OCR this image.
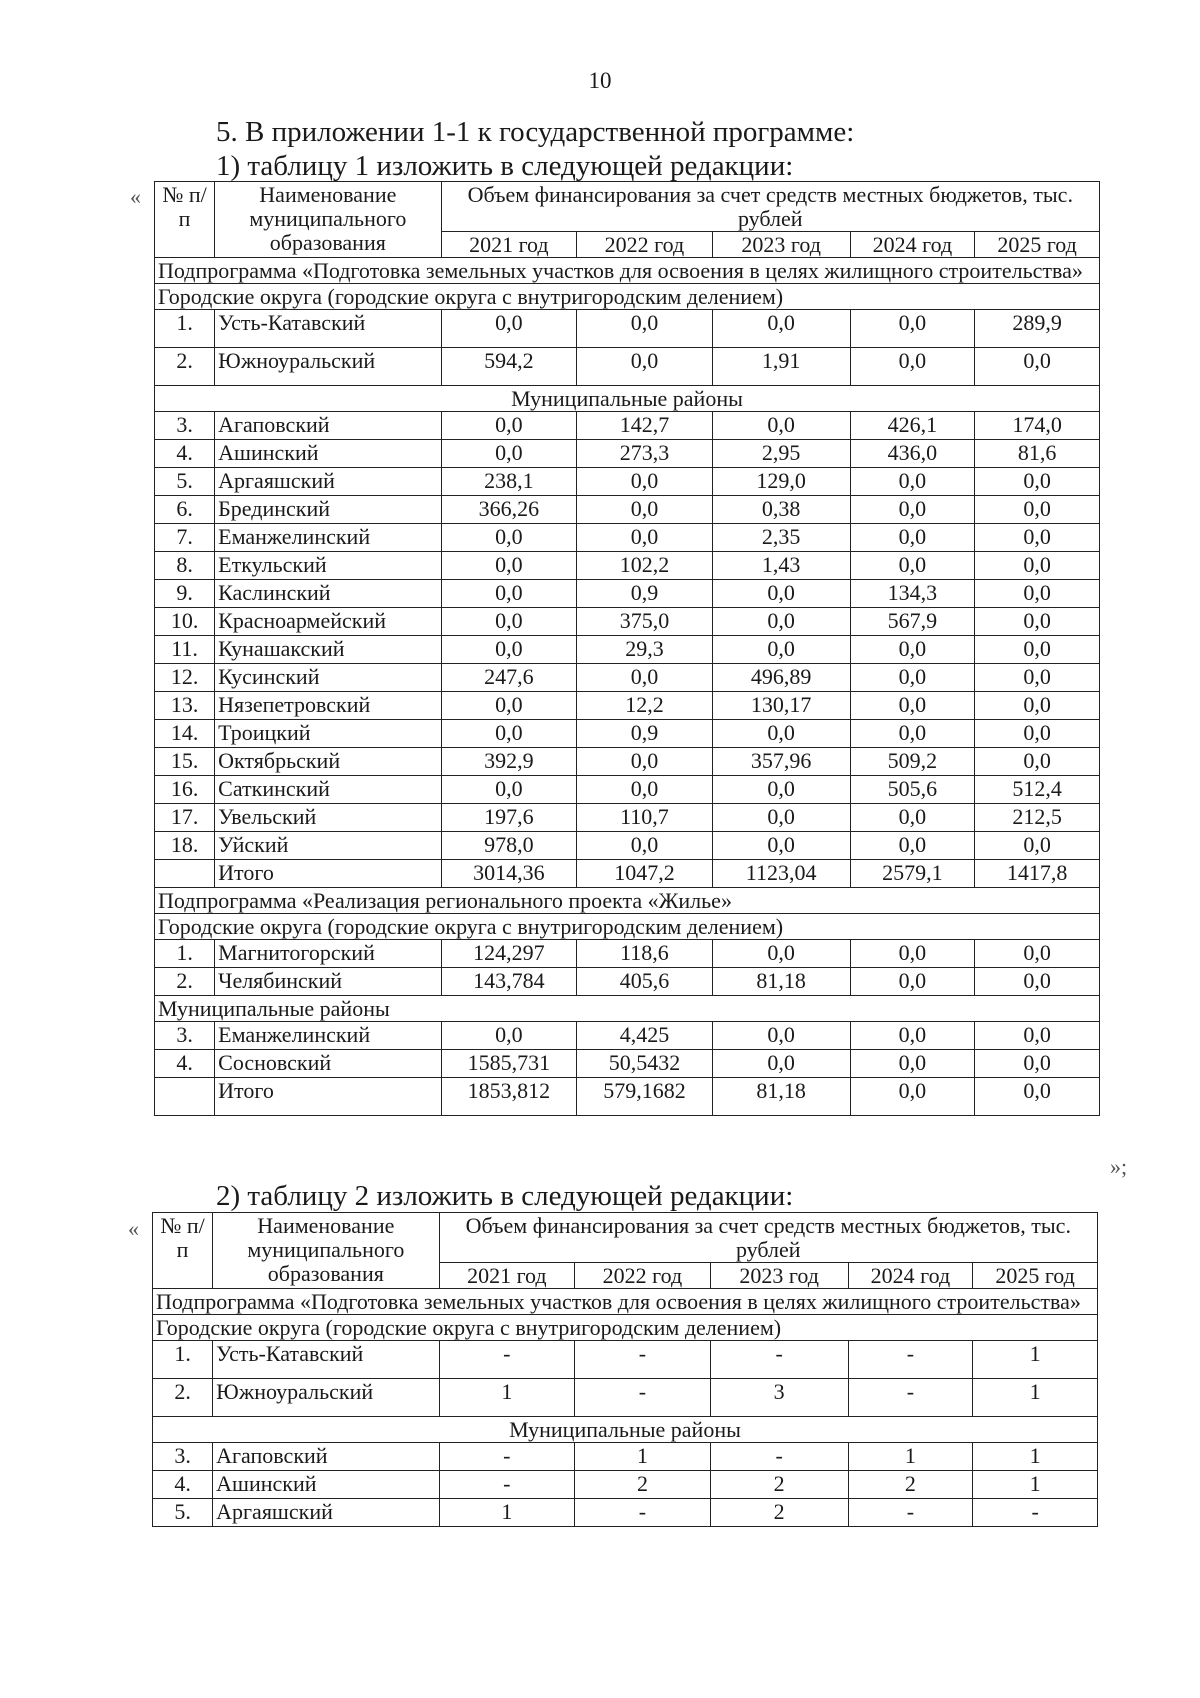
10
5. В приложении 1-1 к государственной программе:
1) таблицу 1 изложить в следующей редакции:
« № п/п	Наименование муниципального образования	Объем финансирования за счет средств местных бюджетов, тыс. рублей				
		2021 год	2022 год	2023 год	2024 год	2025 год
Подпрограмма «Подготовка земельных участков для освоения в целях жилищного строительства»						
Городские округа (городские округа с внутригородским делением)						
1.	Усть-Катавский	0,0	0,0	0,0	0,0	289,9
2.	Южноуральский	594,2	0,0	1,91	0,0	0,0
Муниципальные районы						
3.	Агаповский	0,0	142,7	0,0	426,1	174,0
4.	Ашинский	0,0	273,3	2,95	436,0	81,6
5.	Аргаяшский	238,1	0,0	129,0	0,0	0,0
6.	Брединский	366,26	0,0	0,38	0,0	0,0
7.	Еманжелинский	0,0	0,0	2,35	0,0	0,0
8.	Еткульский	0,0	102,2	1,43	0,0	0,0
9.	Каслинский	0,0	0,9	0,0	134,3	0,0
10.	Красноармейский	0,0	375,0	0,0	567,9	0,0
11.	Кунашакский	0,0	29,3	0,0	0,0	0,0
12.	Кусинский	247,6	0,0	496,89	0,0	0,0
13.	Нязепетровский	0,0	12,2	130,17	0,0	0,0
14.	Троицкий	0,0	0,9	0,0	0,0	0,0
15.	Октябрьский	392,9	0,0	357,96	509,2	0,0
16.	Саткинский	0,0	0,0	0,0	505,6	512,4
17.	Увельский	197,6	110,7	0,0	0,0	212,5
18.	Уйский	978,0	0,0	0,0	0,0	0,0
	Итого	3014,36	1047,2	1123,04	2579,1	1417,8
Подпрограмма «Реализация регионального проекта «Жилье»						
Городские округа (городские округа с внутригородским делением)						
1.	Магнитогорский	124,297	118,6	0,0	0,0	0,0
2.	Челябинский	143,784	405,6	81,18	0,0	0,0
Муниципальные районы						
3.	Еманжелинский	0,0	4,425	0,0	0,0	0,0
4.	Сосновский	1585,731	50,5432	0,0	0,0	0,0
	Итого	1853,812	579,1682	81,18	0,0	0,0
»;
2) таблицу 2 изложить в следующей редакции:
« № п/п	Наименование муниципального образования	Объем финансирования за счет средств местных бюджетов, тыс. рублей				
		2021 год	2022 год	2023 год	2024 год	2025 год
Подпрограмма «Подготовка земельных участков для освоения в целях жилищного строительства»						
Городские округа (городские округа с внутригородским делением)						
1.	Усть-Катавский	-	-	-	-	1
2.	Южноуральский	1	-	3	-	1
Муниципальные районы						
3.	Агаповский	-	1	-	1	1
4.	Ашинский	-	2	2	2	1
5.	Аргаяшский	1	-	2	-	-
